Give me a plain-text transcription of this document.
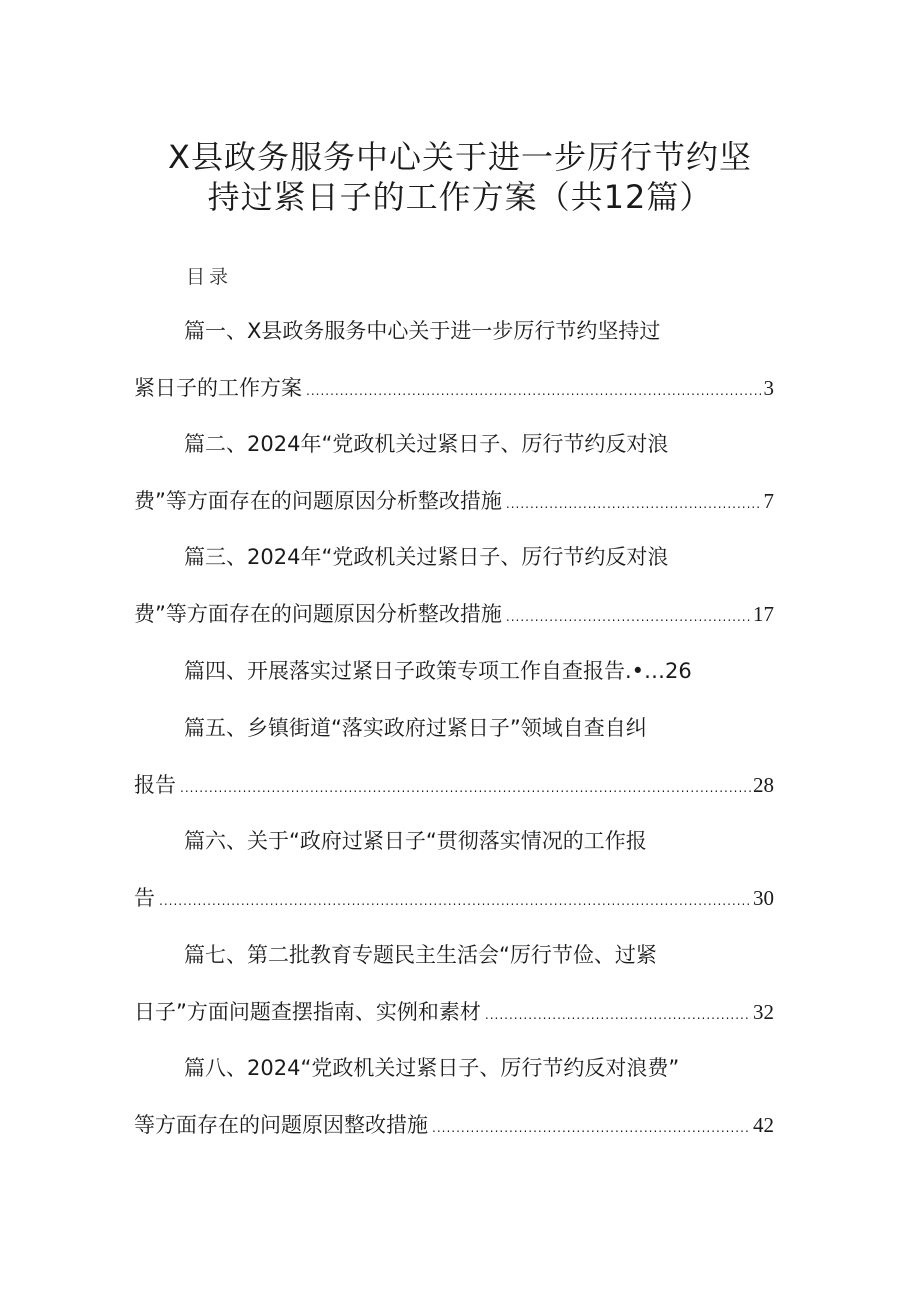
X县政务服务中心关于进一步厉行节约坚
持过紧日子的工作方案（共12篇）
目录
篇一、X县政务服务中心关于进一步厉行节约坚持过
紧日子的工作方案 .....	3
篇二、2024年“党政机关过紧日子、厉行节约反对浪
费”等方面存在的问题原因分析整改措施 .....	7
篇三、2024年“党政机关过紧日子、厉行节约反对浪
费”等方面存在的问题原因分析整改措施 .....	17
篇四、开展落实过紧日子政策专项工作自查报告.•…26
篇五、乡镇街道“落实政府过紧日子”领域自查自纠
报告 .....	28
篇六、关于“政府过紧日子“贯彻落实情况的工作报
告 .....	30
篇七、第二批教育专题民主生活会“厉行节俭、过紧
日子”方面问题查摆指南、实例和素材 .....	32
篇八、2024“党政机关过紧日子、厉行节约反对浪费”
等方面存在的问题原因整改措施 .....	42
